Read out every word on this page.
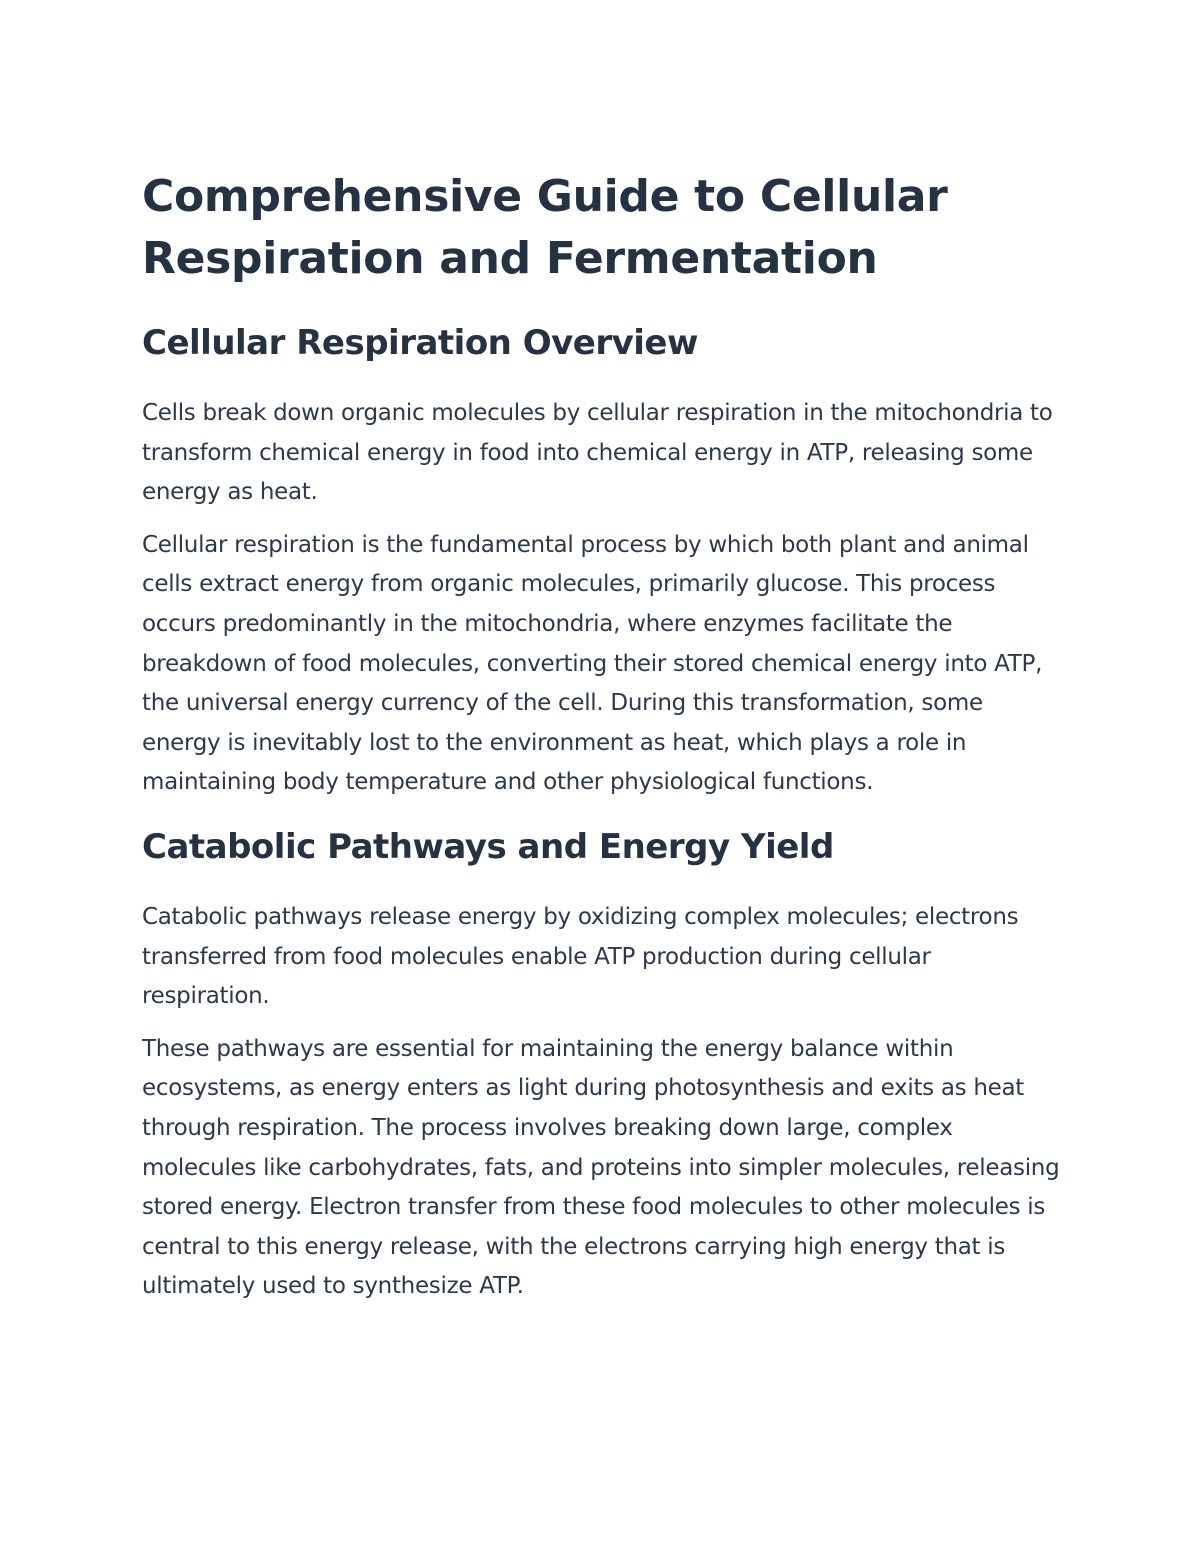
Comprehensive Guide to Cellular Respiration and Fermentation
Cellular Respiration Overview

Cells break down organic molecules by cellular respiration in the mitochondria to transform chemical energy in food into chemical energy in ATP, releasing some energy as heat.

Cellular respiration is the fundamental process by which both plant and animal cells extract energy from organic molecules, primarily glucose. This process occurs predominantly in the mitochondria, where enzymes facilitate the breakdown of food molecules, converting their stored chemical energy into ATP, the universal energy currency of the cell. During this transformation, some energy is inevitably lost to the environment as heat, which plays a role in maintaining body temperature and other physiological functions.

Catabolic Pathways and Energy Yield

Catabolic pathways release energy by oxidizing complex molecules; electrons transferred from food molecules enable ATP production during cellular respiration.

These pathways are essential for maintaining the energy balance within ecosystems, as energy enters as light during photosynthesis and exits as heat through respiration. The process involves breaking down large, complex molecules like carbohydrates, fats, and proteins into simpler molecules, releasing stored energy. Electron transfer from these food molecules to other molecules is central to this energy release, with the electrons carrying high energy that is ultimately used to synthesize ATP.
